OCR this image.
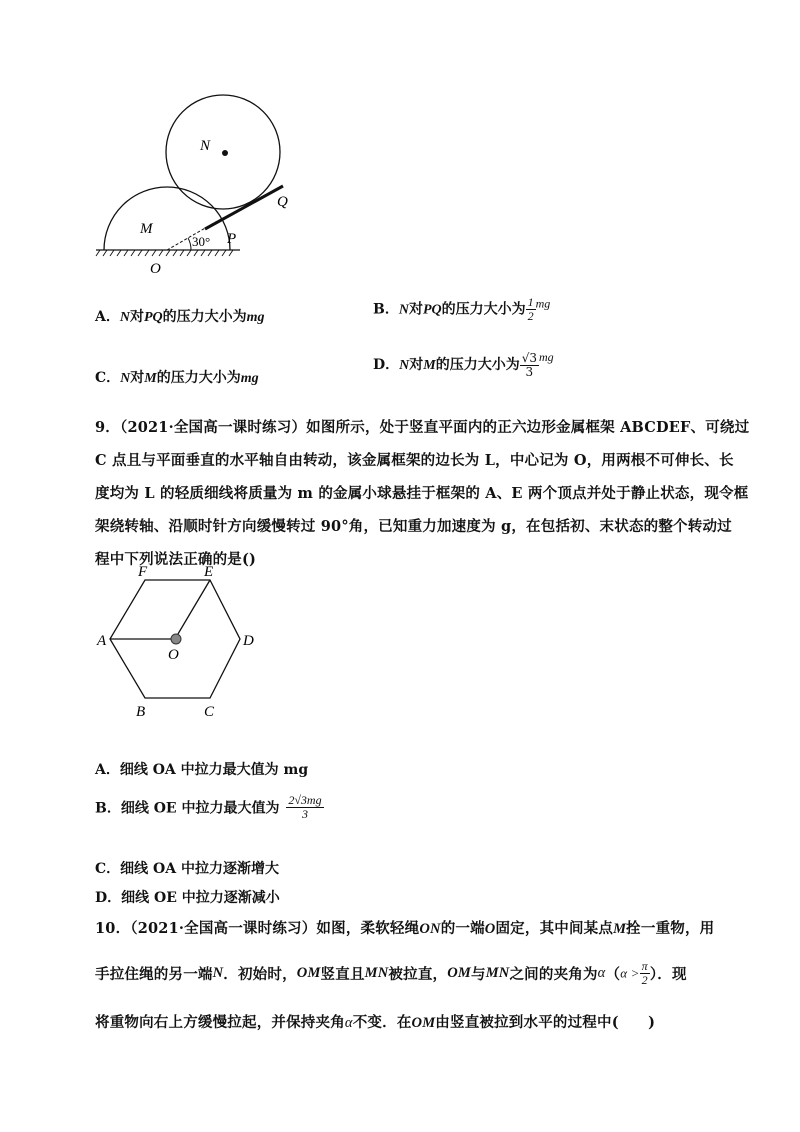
N
M
Q
P
O
30°
A．N对PQ的压力大小为mg	B．N对PQ的压力大小为 $\frac{1}{2}$ mg
C．N对M的压力大小为mg
D．N对M的压力大小为 $\frac{√3}{3}$ mg
9．（2021·全国高一课时练习）如图所示，处于竖直平面内的正六边形金属框架 ABCDEF、可绕过
C 点且与平面垂直的水平轴自由转动，该金属框架的边长为 L，中心记为 O，用两根不可伸长、长
度均为 L 的轻质细线将质量为 m 的金属小球悬挂于框架的 A、E 两个顶点并处于静止状态，现令框
架绕转轴、沿顺时针方向缓慢转过 90°角，已知重力加速度为 g，在包括初、末状态的整个转动过
程中下列说法正确的是()
F	E
A	D
O
B	C
A．细线 OA 中拉力最大值为 mg
B．细线 OE 中拉力最大值为 $\frac{2√3mg}{3}$
C．细线 OA 中拉力逐渐增大
D．细线 OE 中拉力逐渐减小
10．（2021·全国高一课时练习）如图，柔软轻绳ON的一端O固定，其中间某点M拴一重物，用
手拉住绳的另一端N．初始时，OM竖直且MN被拉直，OM与MN之间的夹角为$\alpha(\alpha > \frac{\pi}{2}$ ）．现
将重物向右上方缓慢拉起，并保持夹角α不变．在OM由竖直被拉到水平的过程中(　　)
